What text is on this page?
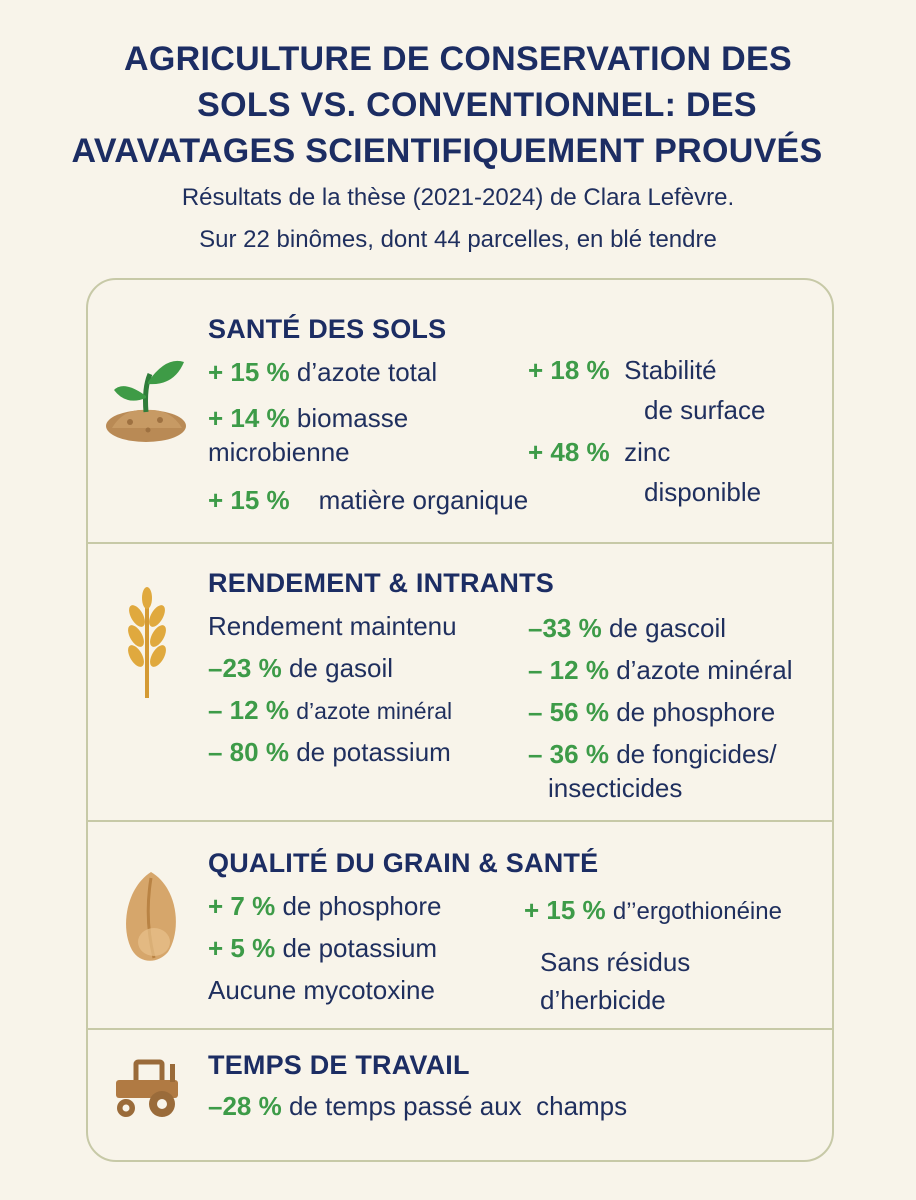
AGRICULTURE DE CONSERVATION DES
SOLS VS. CONVENTIONNEL: DES
AVAVATAGES SCIENTIFIQUEMENT PROUVÉS
Résultats de la thèse (2021-2024) de Clara Lefèvre.
Sur 22 binômes, dont 44 parcelles, en blé tendre
SANTÉ DES SOLS
+ 15 % d’azote total
+ 14 % biomasse
microbienne
+ 15 % matière organique
+ 18 % Stabilité
de surface
+ 48 % zinc
disponible
RENDEMENT & INTRANTS
Rendement maintenu
–23 % de gasoil
– 12 % d’azote minéral
– 80 % de potassium
–33 % de gascoil
– 12 % d’azote minéral
– 56 % de phosphore
– 36 % de fongicides/
insecticides
QUALITÉ DU GRAIN & SANTÉ
+ 7 % de phosphore
+ 5 % de potassium
Aucune mycotoxine
+ 15 % d’’ergothionéine
Sans résidus
d’herbicide
TEMPS DE TRAVAIL
–28 % de temps passé aux  champs
